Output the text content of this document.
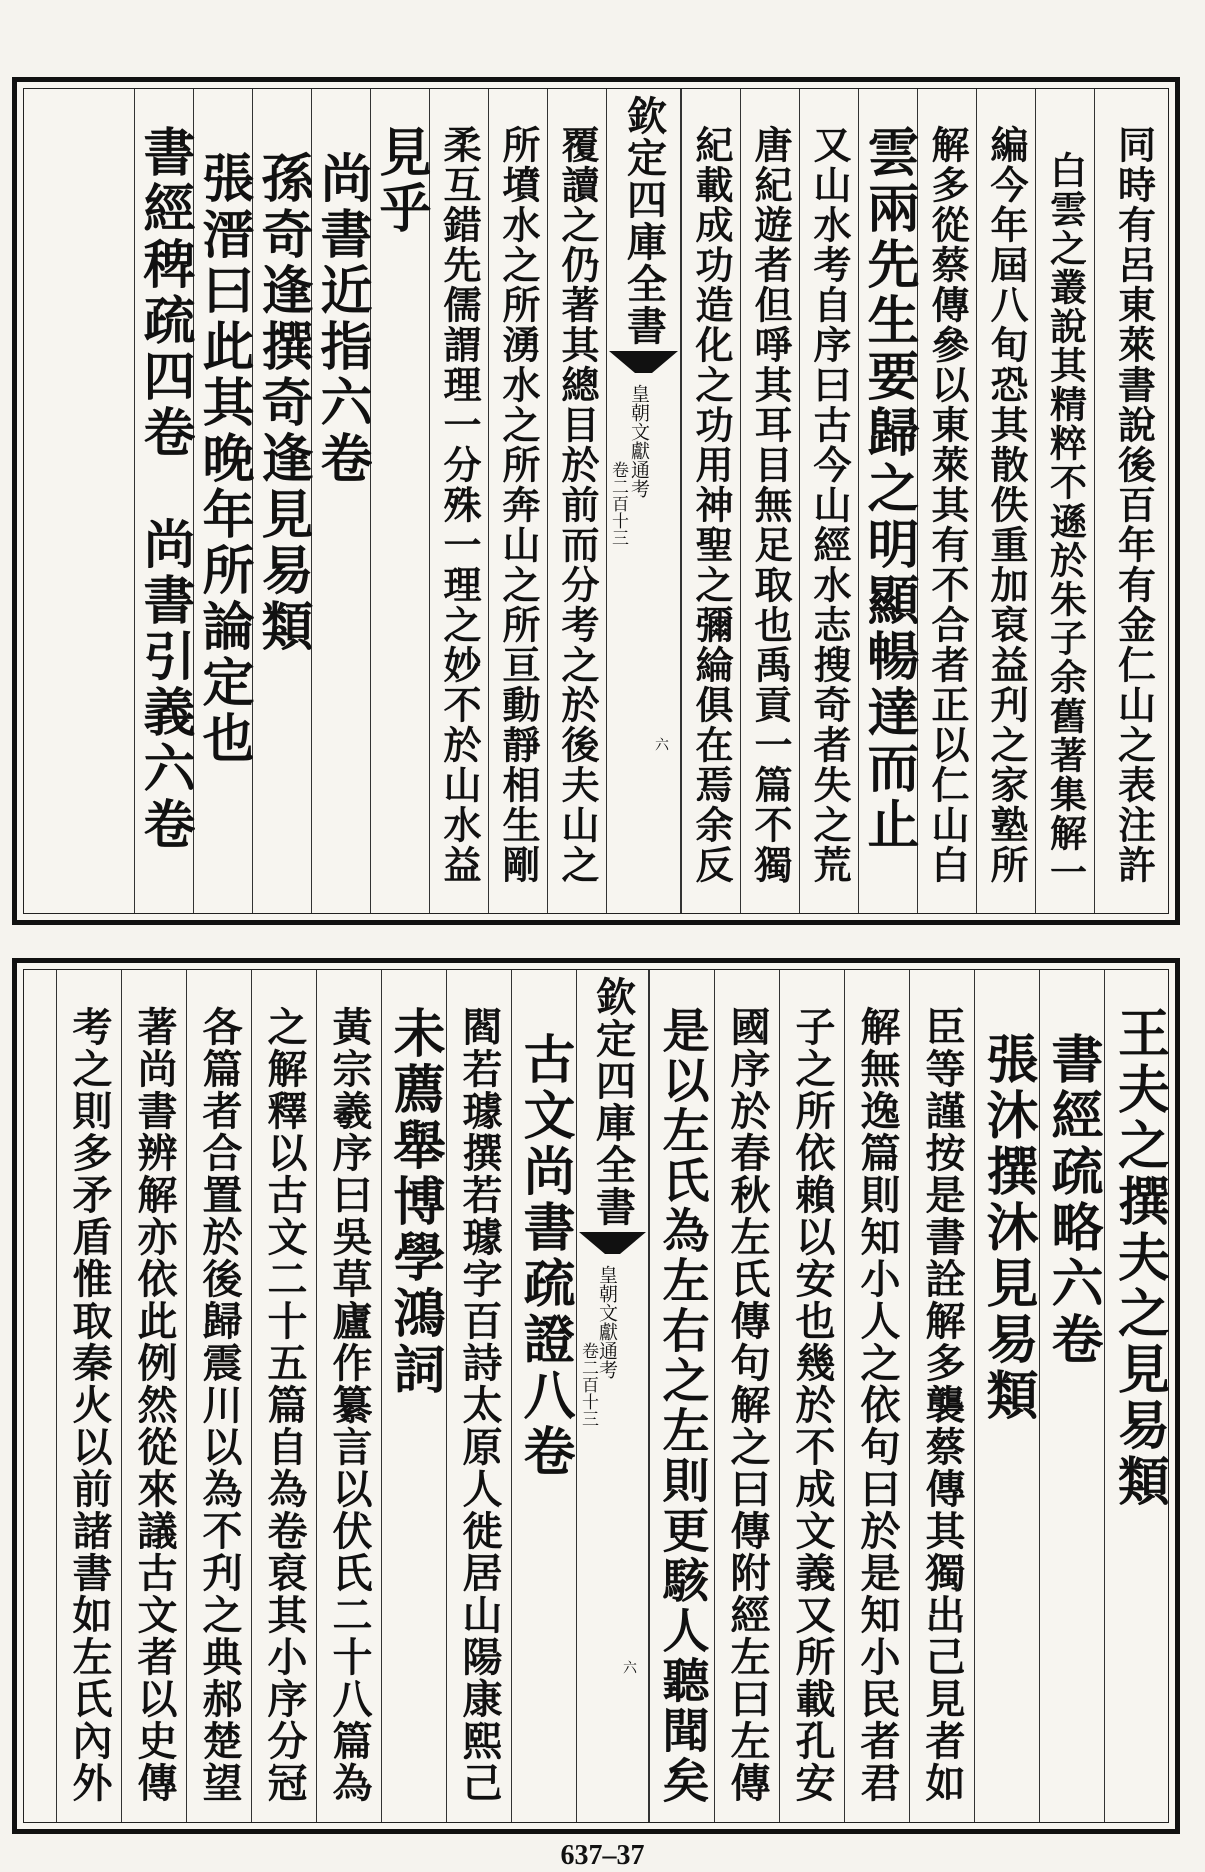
同時有呂東萊書說後百年有金仁山之表注許
白雲之叢說其精粹不遜於朱子余舊著集解一
編今年屆八旬恐其散佚重加裒益刋之家塾所
解多從蔡傳參以東萊其有不合者正以仁山白
雲兩先生要歸之明顯暢達而止
又山水考自序曰古今山經水志搜奇者失之荒
唐紀遊者但𠲜其耳目無足取也禹貢一篇不獨
紀載成功造化之功用神聖之彌綸俱在焉余反
欽定四庫全書
皇朝文獻通考
卷二百十三
六
覆讀之仍著其總目於前而分考之於後夫山之
所墳水之所湧水之所奔山之所亘動靜相生剛
柔互錯先儒謂理一分殊一理之妙不於山水益
見乎
尚書近指六卷
孫奇逢撰奇逢見易類
張溍曰此其晚年所論定也
書經稗疏四卷　尚書引義六卷
王夫之撰夫之見易類
書經疏略六卷
張沐撰沐見易類
臣等謹按是書詮解多襲蔡傳其獨出己見者如
解無逸篇則知小人之依句曰於是知小民者君
子之所依賴以安也幾於不成文義又所載孔安
國序於春秋左氏傳句解之曰傳附經左曰左傳
是以左氏為左右之左則更駭人聽聞矣
欽定四庫全書
皇朝文獻通考
卷二百十三
六
古文尚書疏證八卷
閻若璩撰若璩字百詩太原人徙居山陽康熙己
未薦舉博學鴻詞
黃宗羲序曰吳草廬作纂言以伏氏二十八篇為
之解釋以古文二十五篇自為卷裒其小序分冠
各篇者合置於後歸震川以為不刋之典郝楚望
著尚書辨解亦依此例然從來議古文者以史傳
考之則多矛盾惟取秦火以前諸書如左氏內外
637–37
